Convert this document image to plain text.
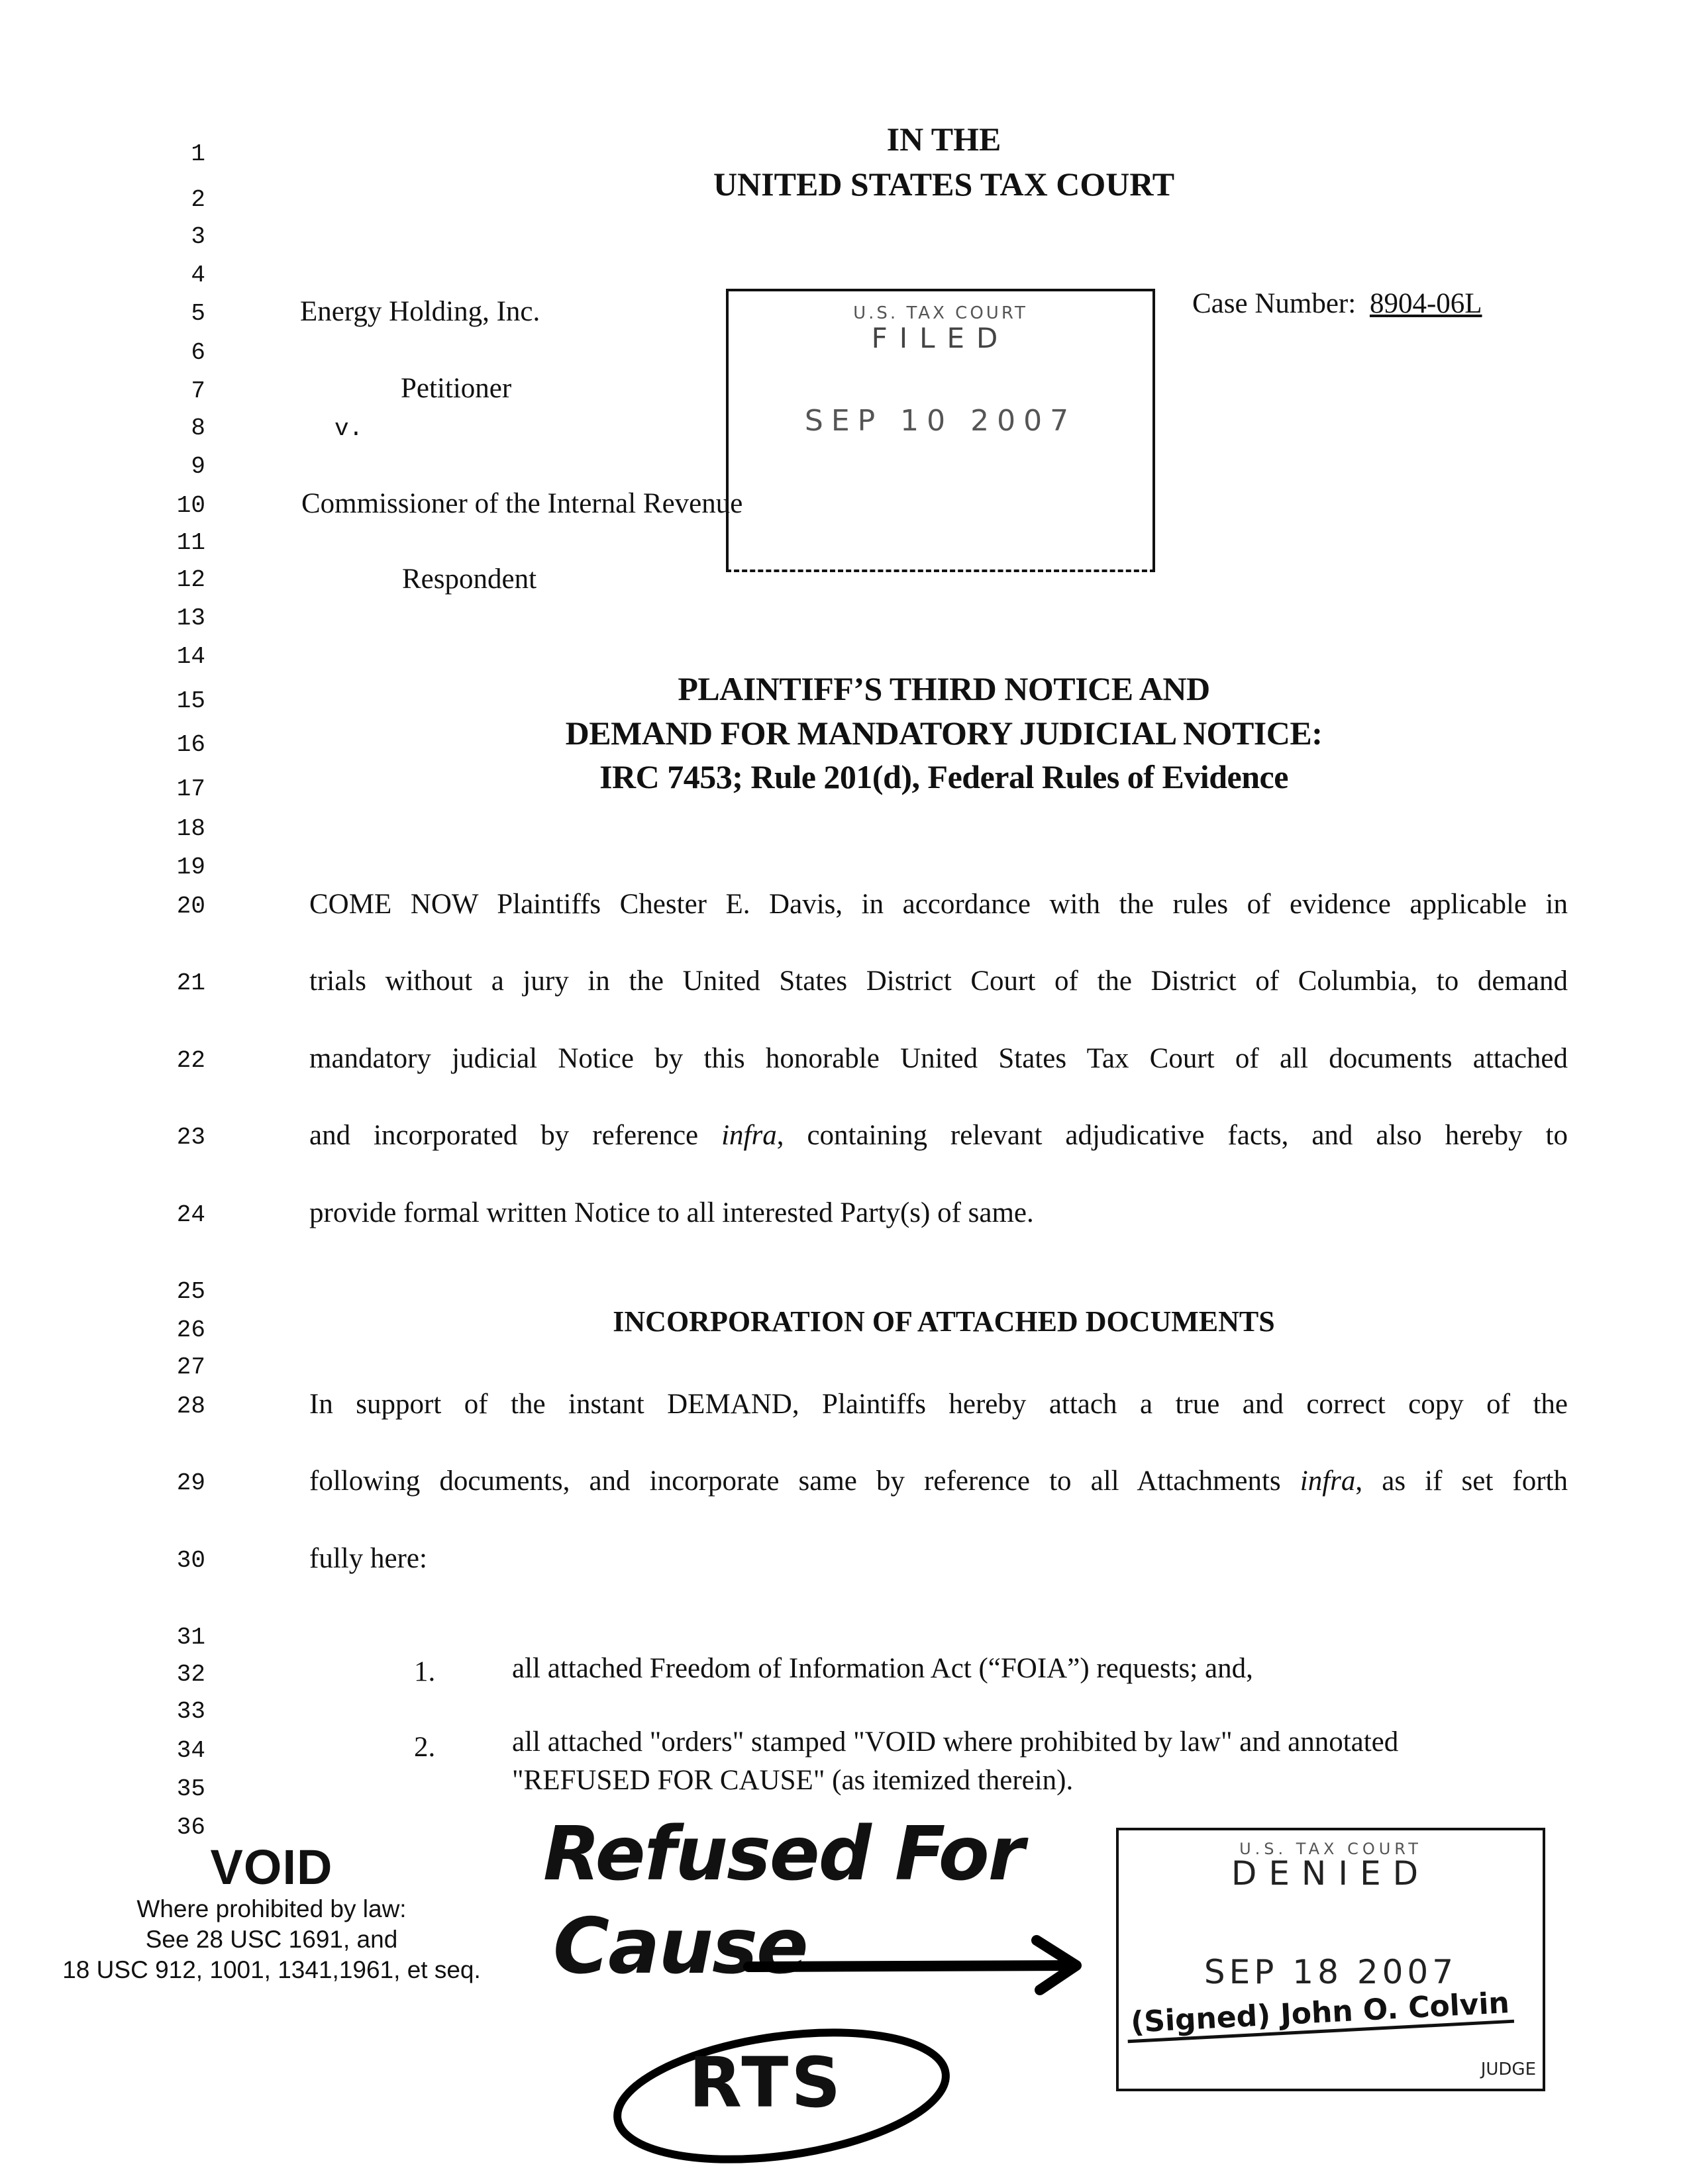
1
2
3
4
5
6
7
8
9
10
11
12
13
14
15
16
17
18
19
20
21
22
23
24
25
26
27
28
29
30
31
32
33
34
35
36
IN THE
UNITED STATES TAX COURT
Energy Holding, Inc.
Petitioner
v.
Commissioner of the Internal Revenue
Respondent
Case Number: 8904-06L
U.S. TAX COURT
FILED
SEP 10 2007
PLAINTIFF’S THIRD NOTICE AND
DEMAND FOR MANDATORY JUDICIAL NOTICE:
IRC 7453; Rule 201(d), Federal Rules of Evidence
COME NOW Plaintiffs Chester E. Davis, in accordance with the rules of evidence applicable in
trials without a jury in the United States District Court of the District of Columbia, to demand
mandatory judicial Notice by this honorable United States Tax Court of all documents attached
and incorporated by reference infra, containing relevant adjudicative facts, and also hereby to
provide formal written Notice to all interested Party(s) of same.
INCORPORATION OF ATTACHED DOCUMENTS
In support of the instant DEMAND, Plaintiffs hereby attach a true and correct copy of the
following documents, and incorporate same by reference to all Attachments infra, as if set forth
fully here:
1.	all attached Freedom of Information Act (“FOIA”) requests; and,
2.	all attached "orders" stamped "VOID where prohibited by law" and annotated
"REFUSED FOR CAUSE" (as itemized therein).
VOID
Where prohibited by law:
See 28 USC 1691, and
18 USC 912, 1001, 1341,1961, et seq.
Refused For
Cause
RTS
U.S. TAX COURT
DENIED
SEP 18 2007
(Signed) John O. Colvin
JUDGE
